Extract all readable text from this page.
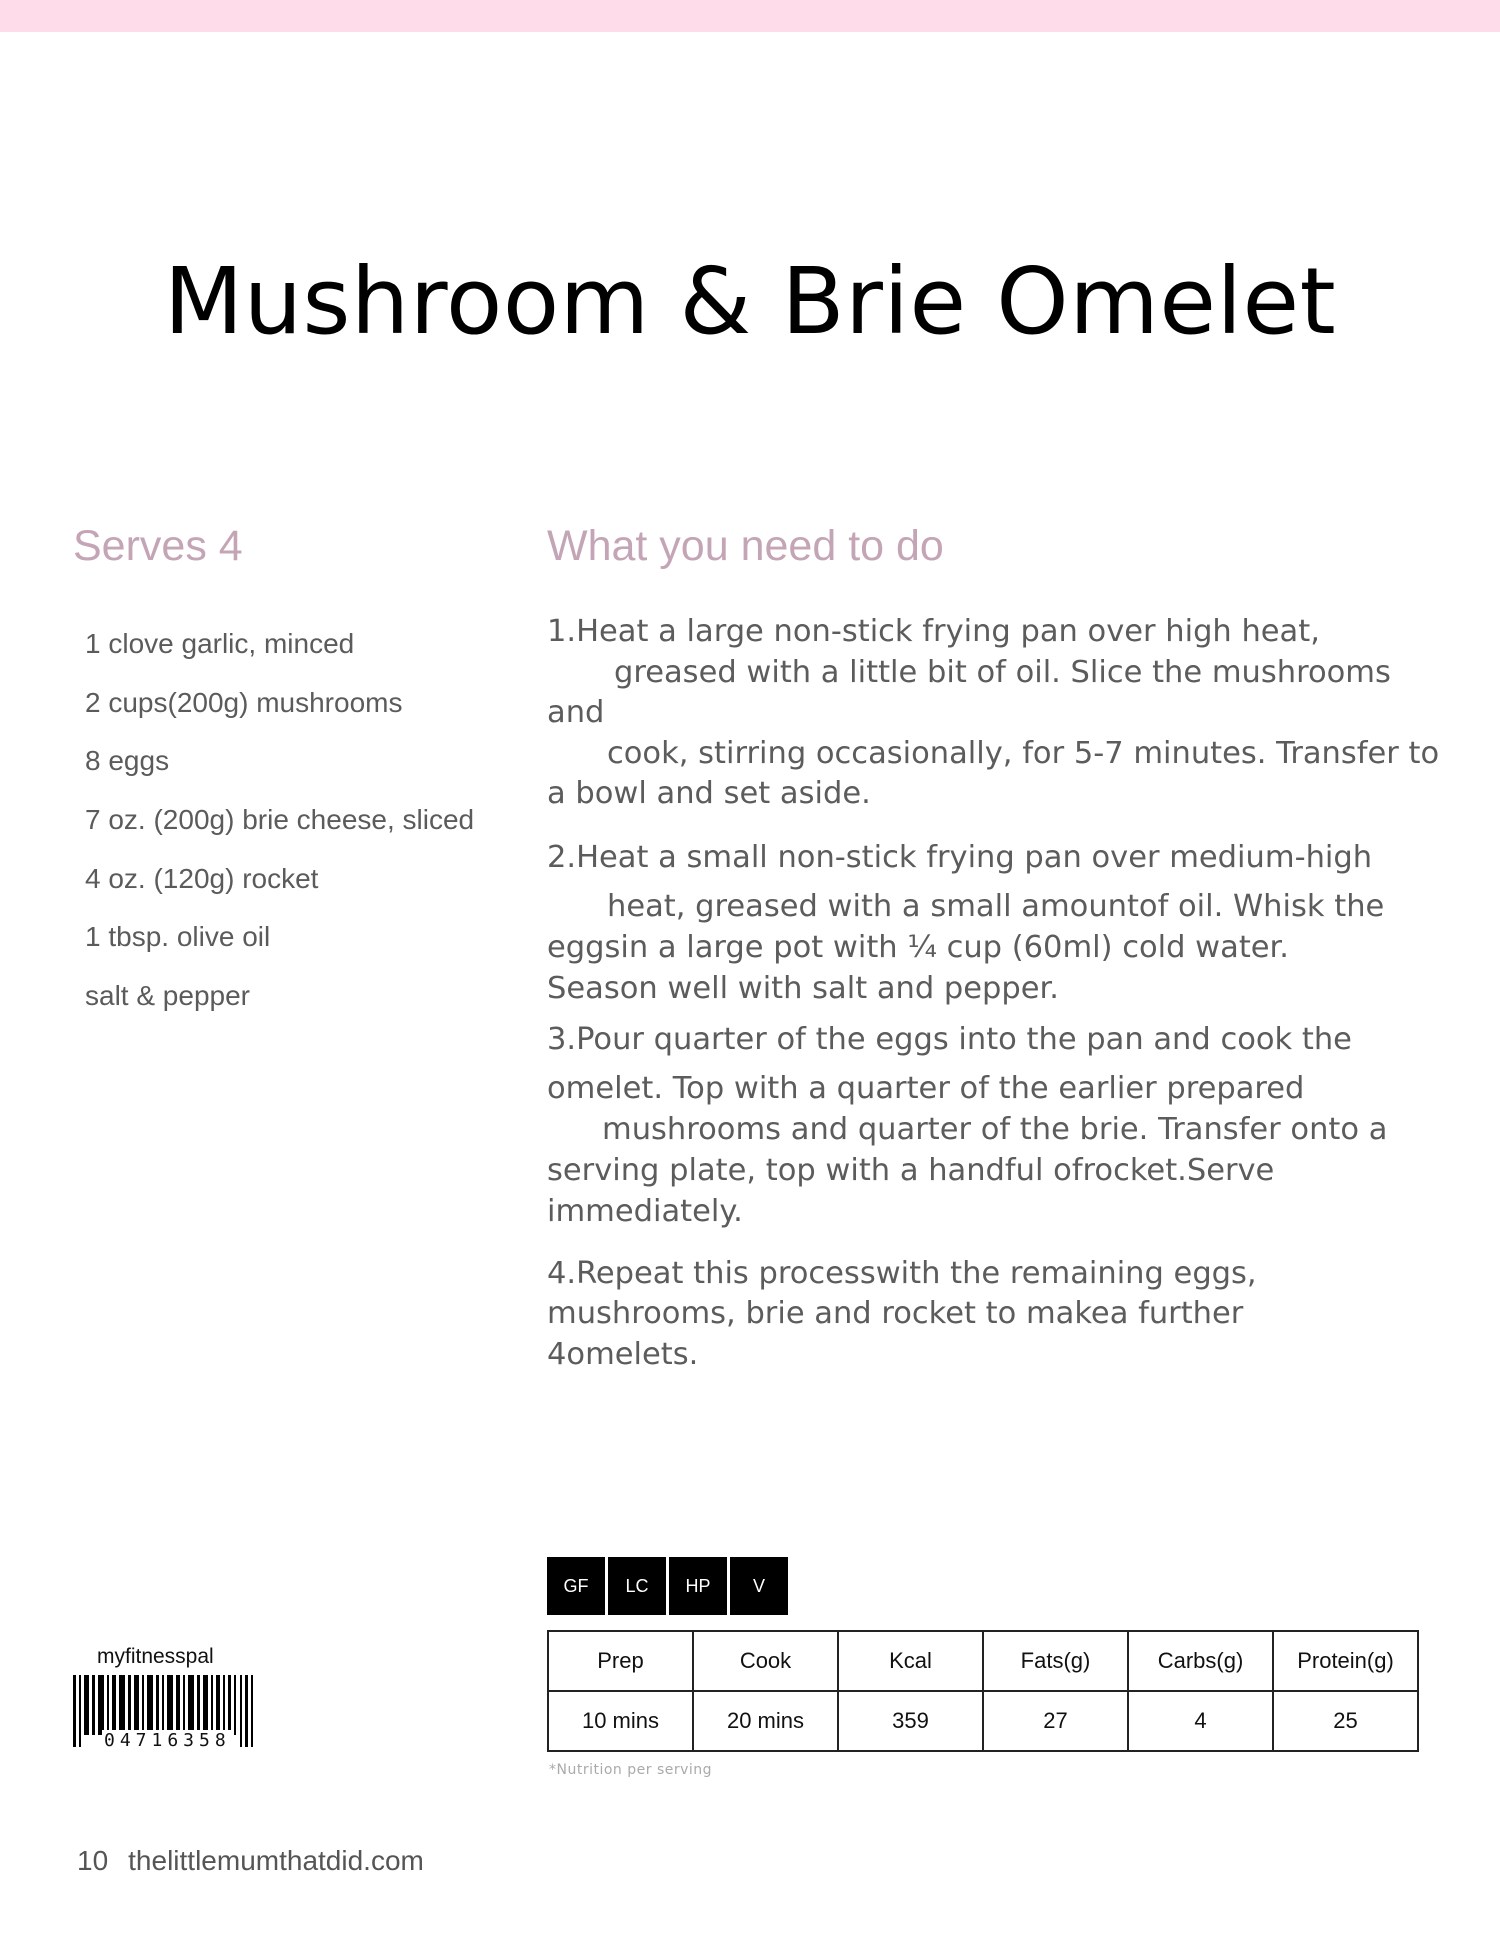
Mushroom & Brie Omelet
Serves 4	What you need to do
1 clove garlic, minced
2 cups(200g) mushrooms
8 eggs
7 oz. (200g) brie cheese, sliced
4 oz. (120g) rocket
1 tbsp. olive oil
salt & pepper

1.Heat a large non-stick frying pan over high heat,
greased with a little bit of oil. Slice the mushrooms and
cook, stirring occasionally, for 5-7 minutes. Transfer to
a bowl and set aside.

2.Heat a small non-stick frying pan over medium-high
heat, greased with a small amountof oil. Whisk the
eggsin a large pot with ¼ cup (60ml) cold water.
Season well with salt and pepper.

3.Pour quarter of the eggs into the pan and cook the
omelet. Top with a quarter of the earlier prepared
mushrooms and quarter of the brie. Transfer onto a
serving plate, top with a handful ofrocket.Serve
immediately.

4.Repeat this processwith the remaining eggs,
mushrooms, brie and rocket to makea further
4omelets.

GF	LC	HP	V
Prep	Cook	Kcal	Fats(g)	Carbs(g)	Protein(g)
10 mins	20 mins	359	27	4	25
*Nutrition per serving
myfitnesspal
04716358
10 thelittlemumthatdid.com
